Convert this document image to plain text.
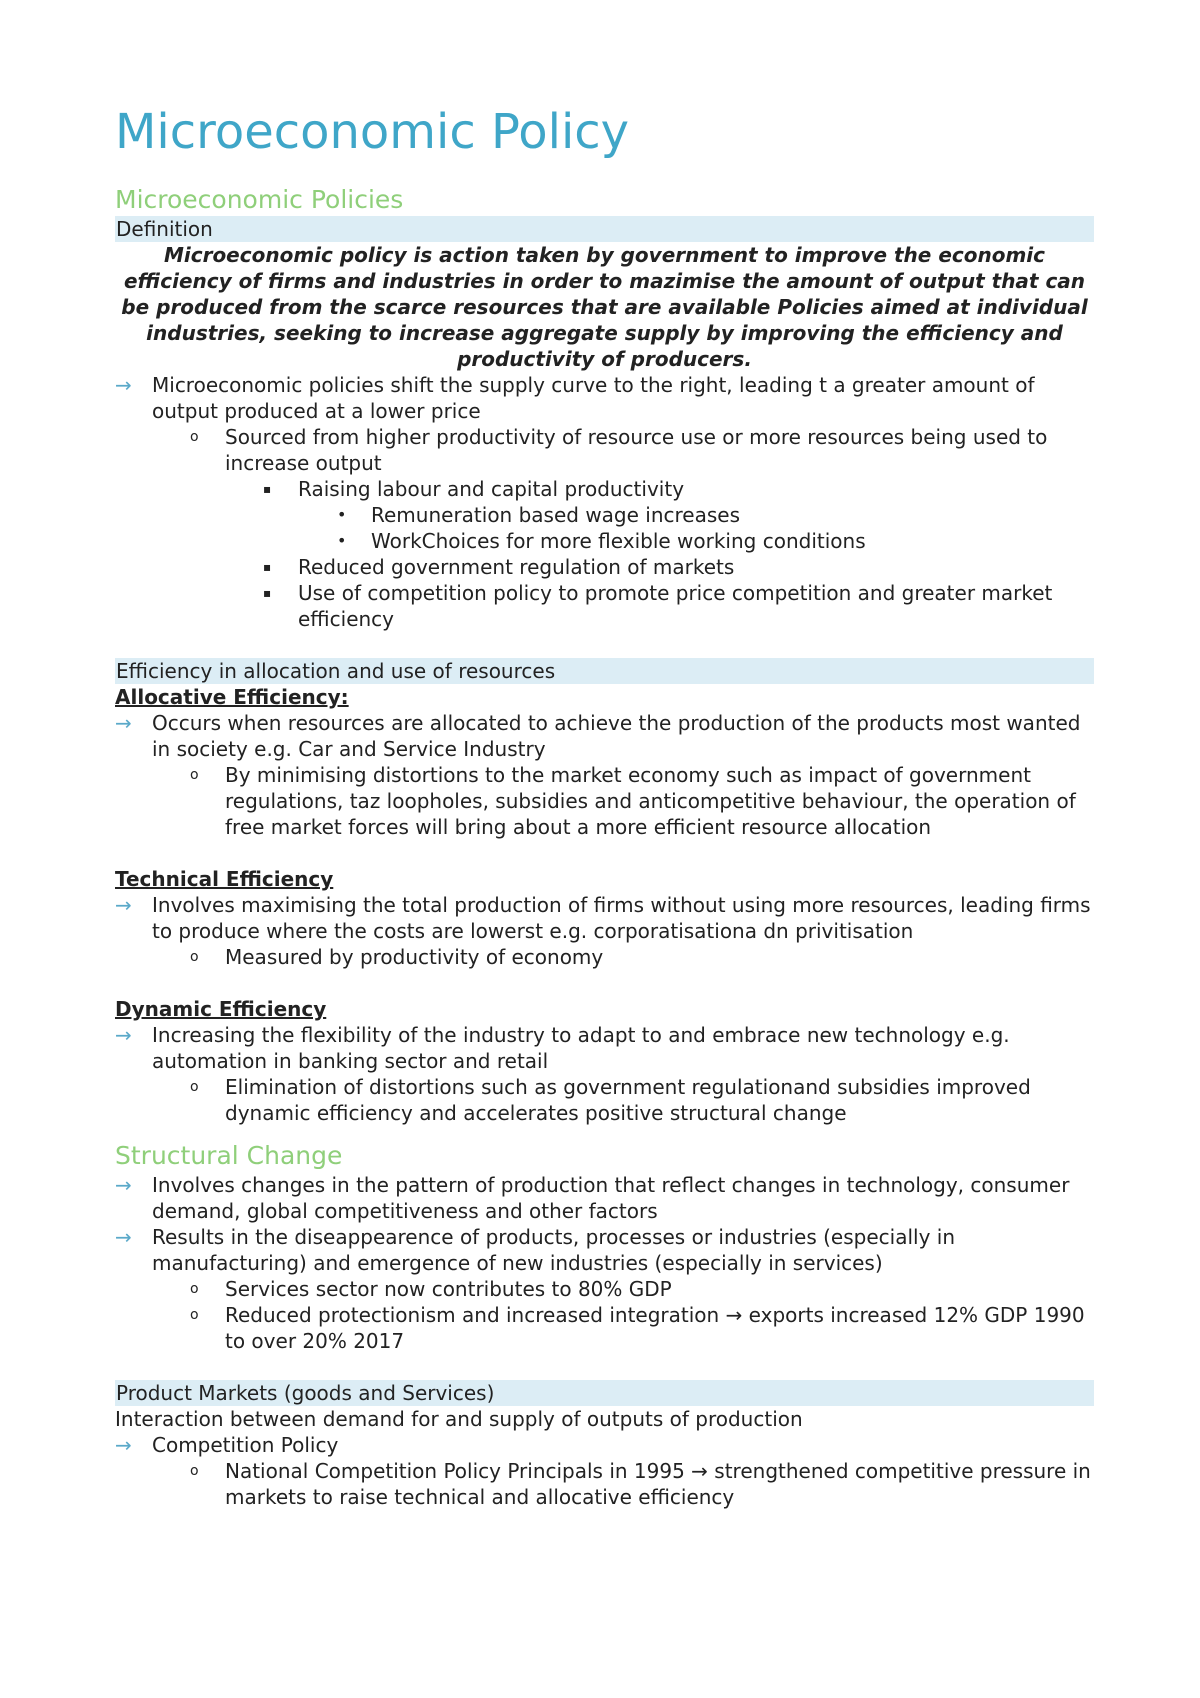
Microeconomic Policy
Microeconomic Policies
Definition

Microeconomic policy is action taken by government to improve the economic efficiency of firms and industries in order to mazimise the amount of output that can be produced from the scarce resources that are available Policies aimed at individual industries, seeking to increase aggregate supply by improving the efficiency and productivity of producers.

→	Microeconomic policies shift the supply curve to the right, leading t a greater amount of output produced at a lower price
o	Sourced from higher productivity of resource use or more resources being used to increase output
▪	Raising labour and capital productivity
•	Remuneration based wage increases
•	WorkChoices for more flexible working conditions
▪	Reduced government regulation of markets
▪	Use of competition policy to promote price competition and greater market efficiency
Efficiency in allocation and use of resources

Allocative Efficiency:

→	Occurs when resources are allocated to achieve the production of the products most wanted in society e.g. Car and Service Industry
o	By minimising distortions to the market economy such as impact of government regulations, taz loopholes, subsidies and anticompetitive behaviour, the operation of free market forces will bring about a more efficient resource allocation

Technical Efficiency

→	Involves maximising the total production of firms without using more resources, leading firms to produce where the costs are lowerst e.g. corporatisationa dn privitisation
o	Measured by productivity of economy

Dynamic Efficiency

→	Increasing the flexibility of the industry to adapt to and embrace new technology e.g. automation in banking sector and retail
o	Elimination of distortions such as government regulationand subsidies improved dynamic efficiency and accelerates positive structural change
Structural Change
→	Involves changes in the pattern of production that reflect changes in technology, consumer demand, global competitiveness and other factors
→	Results in the diseappearence of products, processes or industries (especially in manufacturing) and emergence of new industries (especially in services)
o	Services sector now contributes to 80% GDP
o	Reduced protectionism and increased integration → exports increased 12% GDP 1990 to over 20% 2017
Product Markets (goods and Services)

Interaction between demand for and supply of outputs of production

→	Competition Policy
o	National Competition Policy Principals in 1995 → strengthened competitive pressure in markets to raise technical and allocative efficiency
